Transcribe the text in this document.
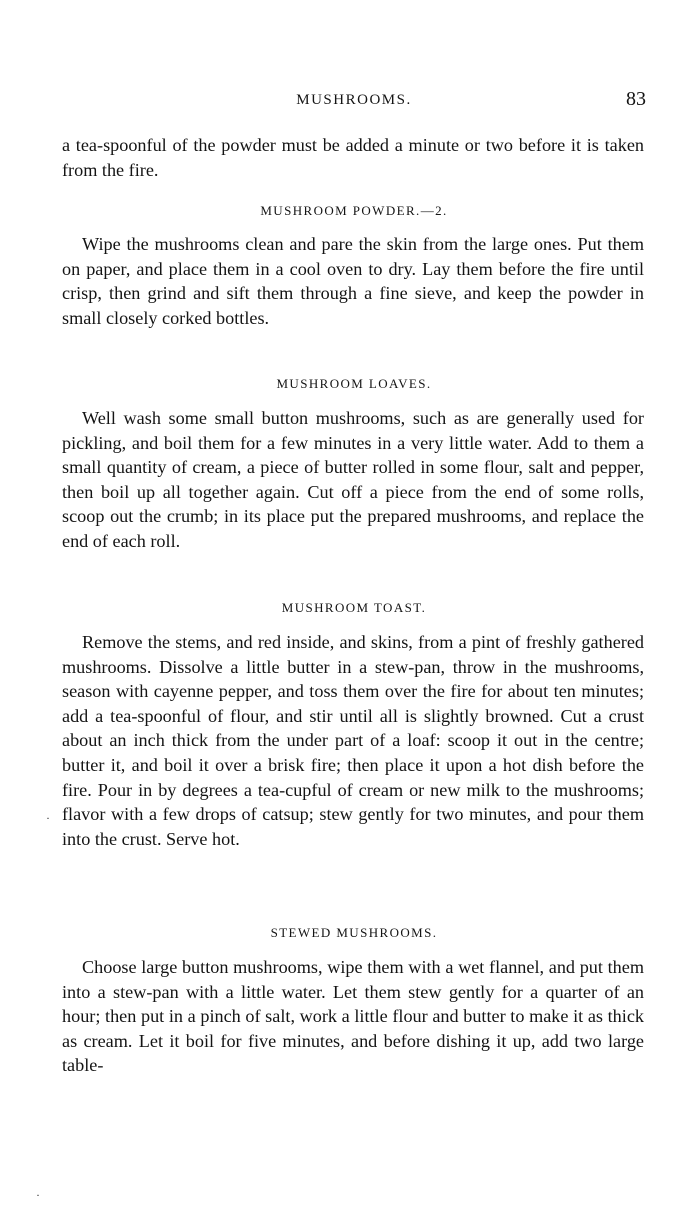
MUSHROOMS.	83

a tea-spoonful of the powder must be added a minute or two before it is taken from the fire.

MUSHROOM POWDER.—2.

Wipe the mushrooms clean and pare the skin from the large ones. Put them on paper, and place them in a cool oven to dry. Lay them before the fire until crisp, then grind and sift them through a fine sieve, and keep the powder in small closely corked bottles.

MUSHROOM LOAVES.

Well wash some small button mushrooms, such as are generally used for pickling, and boil them for a few minutes in a very little water. Add to them a small quantity of cream, a piece of butter rolled in some flour, salt and pepper, then boil up all together again. Cut off a piece from the end of some rolls, scoop out the crumb; in its place put the prepared mushrooms, and replace the end of each roll.

MUSHROOM TOAST.

Remove the stems, and red inside, and skins, from a pint of freshly gathered mushrooms. Dissolve a little butter in a stew-pan, throw in the mushrooms, season with cayenne pepper, and toss them over the fire for about ten minutes; add a tea-spoonful of flour, and stir until all is slightly browned. Cut a crust about an inch thick from the under part of a loaf: scoop it out in the centre; butter it, and boil it over a brisk fire; then place it upon a hot dish before the fire. Pour in by degrees a tea-cupful of cream or new milk to the mushrooms; flavor with a few drops of catsup; stew gently for two minutes, and pour them into the crust. Serve hot.

STEWED MUSHROOMS.

Choose large button mushrooms, wipe them with a wet flannel, and put them into a stew-pan with a little water. Let them stew gently for a quarter of an hour; then put in a pinch of salt, work a little flour and butter to make it as thick as cream. Let it boil for five minutes, and before dishing it up, add two large table-

·
·
